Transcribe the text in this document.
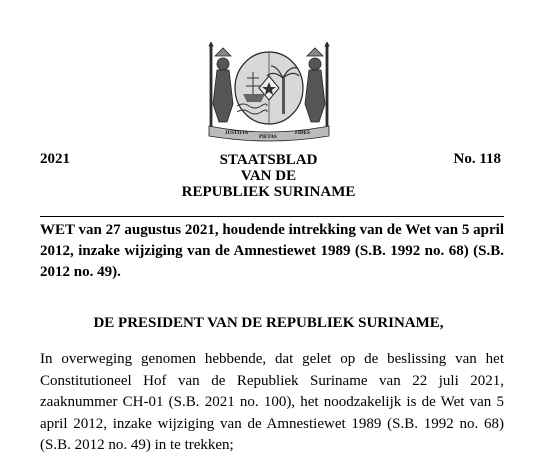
JUSTITIA
PIETAS
FIDES
2021	No. 118
STAATSBLAD
VAN DE
REPUBLIEK SURINAME
WET van 27 augustus 2021, houdende intrekking van de Wet van 5 april 2012, inzake wijziging van de Amnestiewet 1989 (S.B. 1992 no. 68) (S.B. 2012 no. 49).
DE PRESIDENT VAN DE REPUBLIEK SURINAME,
In overweging genomen hebbende, dat gelet op de beslissing van het Constitutioneel Hof van de Republiek Suriname van 22 juli 2021, zaaknummer CH-01 (S.B. 2021 no. 100), het noodzakelijk is de Wet van 5 april 2012, inzake wijziging van de Amnestiewet 1989 (S.B. 1992 no. 68) (S.B. 2012 no. 49) in te trekken;
